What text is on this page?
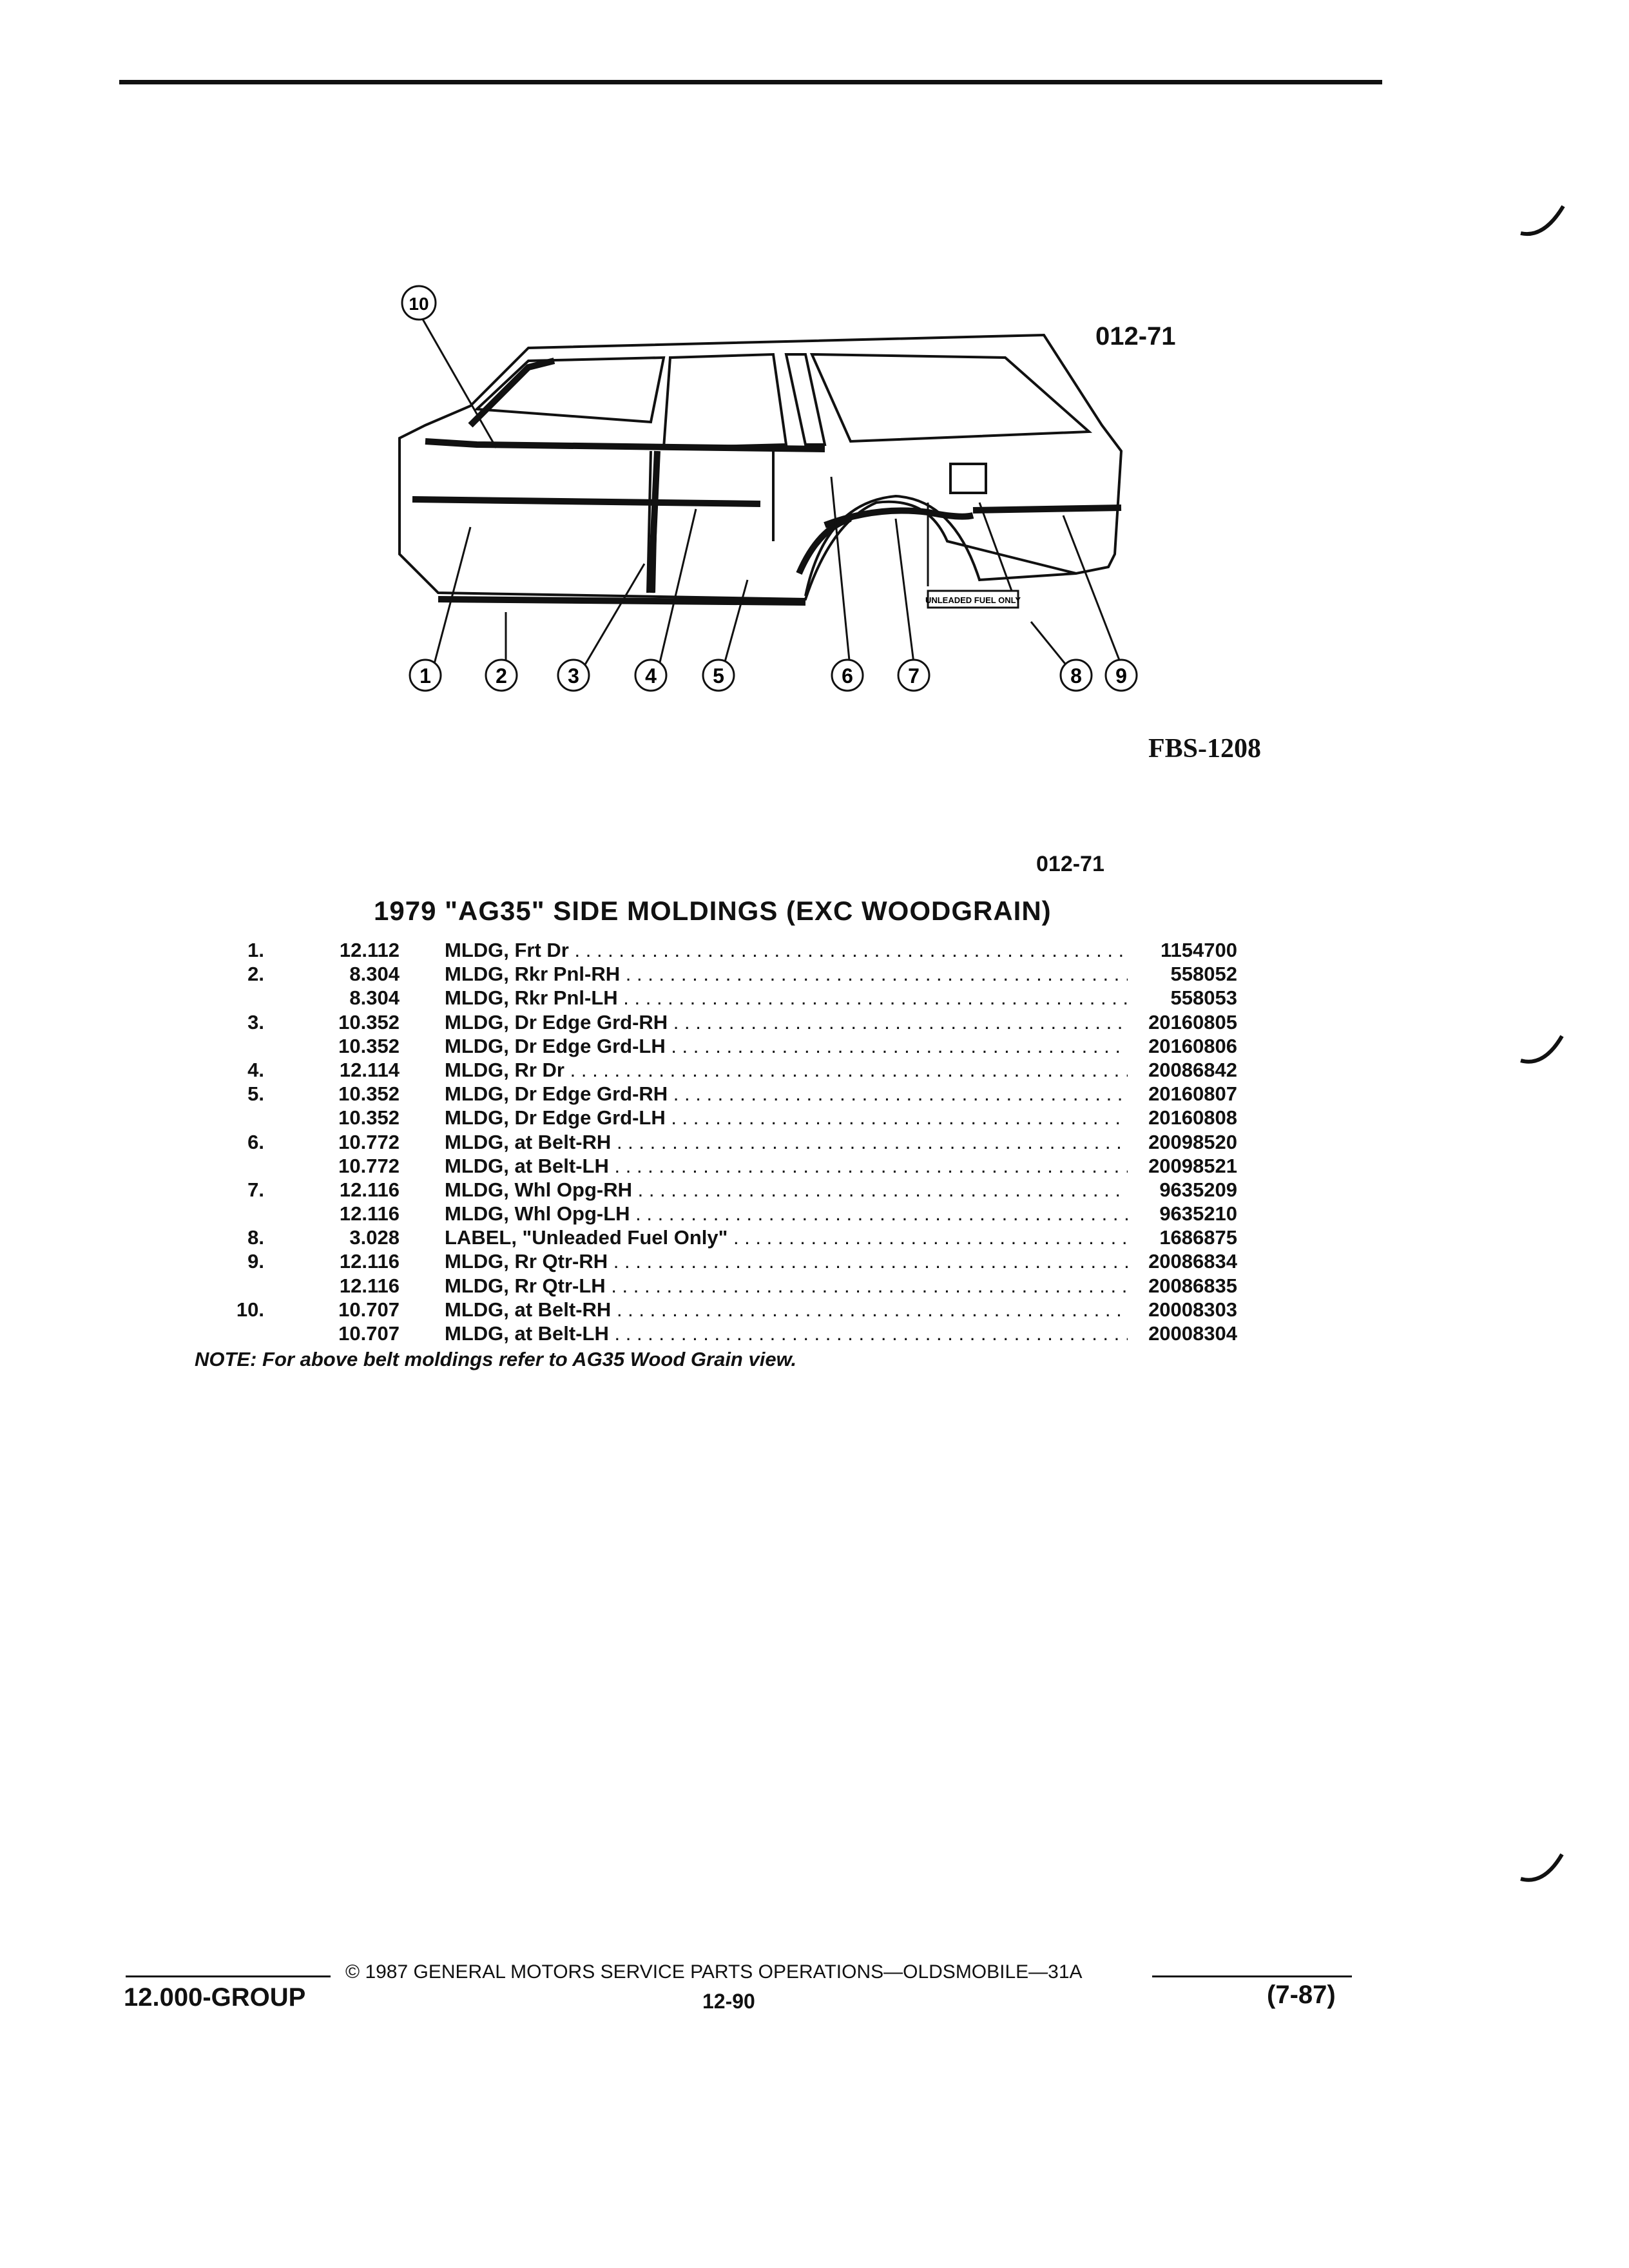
UNLEADED FUEL ONLY
1	2	3	4	5	6	7	8 9
10
012-71
FBS-1208
012-71
1979 "AG35" SIDE MOLDINGS (EXC WOODGRAIN)
1.	12.112 MLDG, Frt Dr . . .	1154700
2.	8.304 MLDG, Rkr Pnl-RH . . .	558052
8.304 MLDG, Rkr Pnl-LH . . .	558053
3.	10.352 MLDG, Dr Edge Grd-RH . . .	20160805
10.352 MLDG, Dr Edge Grd-LH . . .	20160806
4.	12.114 MLDG, Rr Dr . . .	20086842
5.	10.352 MLDG, Dr Edge Grd-RH . . .	20160807
10.352 MLDG, Dr Edge Grd-LH . . .	20160808
6.	10.772 MLDG, at Belt-RH . . .	20098520
10.772 MLDG, at Belt-LH . . .	20098521
7.	12.116 MLDG, Whl Opg-RH . . .	9635209
12.116 MLDG, Whl Opg-LH . . .	9635210
8.	3.028 LABEL, "Unleaded Fuel Only" . . .	1686875
9.	12.116 MLDG, Rr Qtr-RH . . .	20086834
12.116 MLDG, Rr Qtr-LH . . .	20086835
10.	10.707 MLDG, at Belt-RH . . .	20008303
10.707 MLDG, at Belt-LH . . .	20008304
NOTE: For above belt moldings refer to AG35 Wood Grain view.
© 1987 GENERAL MOTORS SERVICE PARTS OPERATIONS—OLDSMOBILE—31A
12.000-GROUP	12-90	(7-87)
